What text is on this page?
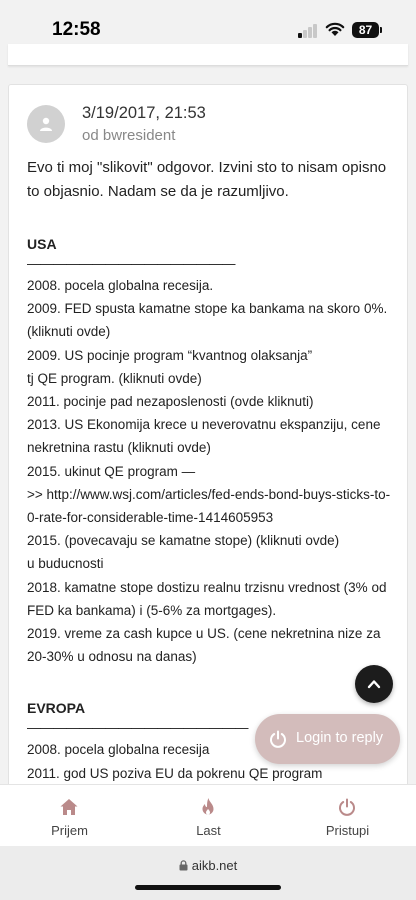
12:58	87
3/19/2017, 21:53
od bwresident
Evo ti moj "slikovit" odgovor. Izvini sto to nisam opisno to objasnio. Nadam se da je razumljivo.
USA
————————————————
2008. pocela globalna recesija.
2009. FED spusta kamatne stope ka bankama na skoro 0%. (kliknuti ovde)
2009. US pocinje program “kvantnog olaksanja”
tj QE program. (kliknuti ovde)
2011. pocinje pad nezaposlenosti (ovde kliknuti)
2013. US Ekonomija krece u neverovatnu ekspanziju, cene nekretnina rastu (kliknuti ovde)
2015. ukinut QE program —
>> http://www.wsj.com/articles/fed-ends-bond-buys-sticks-to-0-rate-for-considerable-time-1414605953
2015. (povecavaju se kamatne stope) (kliknuti ovde)
u buducnosti
2018. kamatne stope dostizu realnu trzisnu vrednost (3% od FED ka bankama) i (5-6% za mortgages).
2019. vreme za cash kupce u US. (cene nekretnina nize za 20-30% u odnosu na danas)
EVROPA
—————————————————
2008. pocela globalna recesija
2011. god US poziva EU da pokrenu QE program
Login to reply
Prijem	Last	Pristupi
aikb.net
